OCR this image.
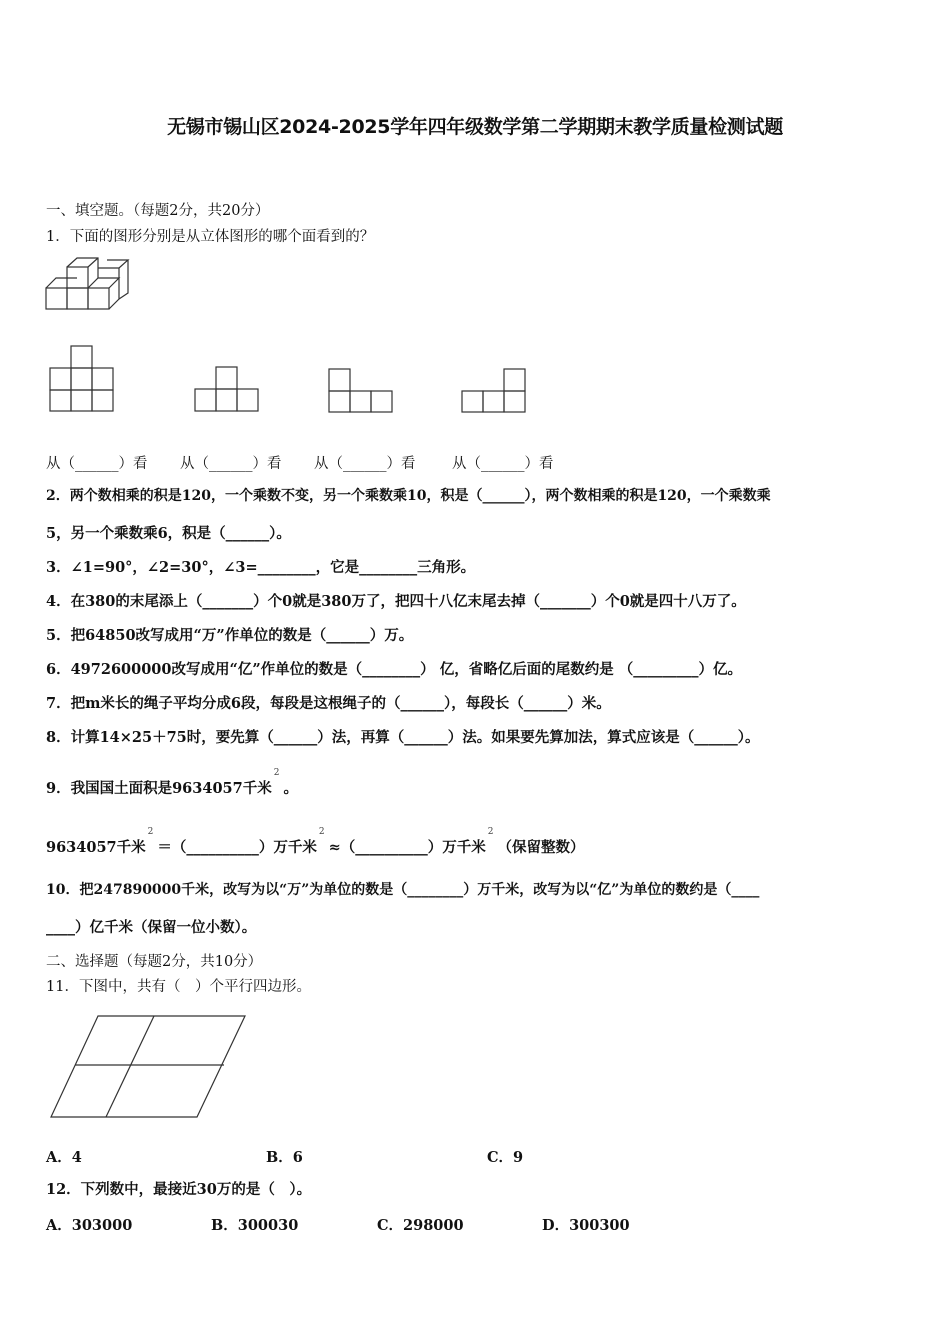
无锡市锡山区2024-2025学年四年级数学第二学期期末教学质量检测试题
一、填空题。（每题2分，共20分）
1．下面的图形分别是从立体图形的哪个面看到的？
从（______）看 从（______）看 从（______）看	从（______）看
2．两个数相乘的积是120，一个乘数不变，另一个乘数乘10，积是（______），两个数相乘的积是120，一个乘数乘
5，另一个乘数乘6，积是（______）。
3．∠1=90°，∠2=30°，∠3=________，它是________三角形。
4．在380的末尾添上（_______）个0就是380万了，把四十八亿末尾去掉（_______）个0就是四十八万了。
5．把64850改写成用“万”作单位的数是（______）万。
6．4972600000改写成用“亿”作单位的数是（________） 亿，省略亿后面的尾数约是 （_________）亿。
7．把m米长的绳子平均分成6段，每段是这根绳子的（______），每段长（______）米。
8．计算14×25＋75时，要先算（______）法，再算（______）法。如果要先算加法，算式应该是（______）。
9．我国国土面积是9634057千米$^2$。
9634057千米$^2$＝（__________）万千米$^2$≈（__________）万千米$^2$（保留整数）
10．把247890000千米，改写为以“万”为单位的数是（________）万千米，改写为以“亿”为单位的数约是（____
____）亿千米（保留一位小数）。
二、选择题（每题2分，共10分）
11．下图中，共有（　）个平行四边形。
A．4	B．6	C．9
12．下列数中，最接近30万的是（　）。
A．303000	B．300030	C．298000	D．300300
